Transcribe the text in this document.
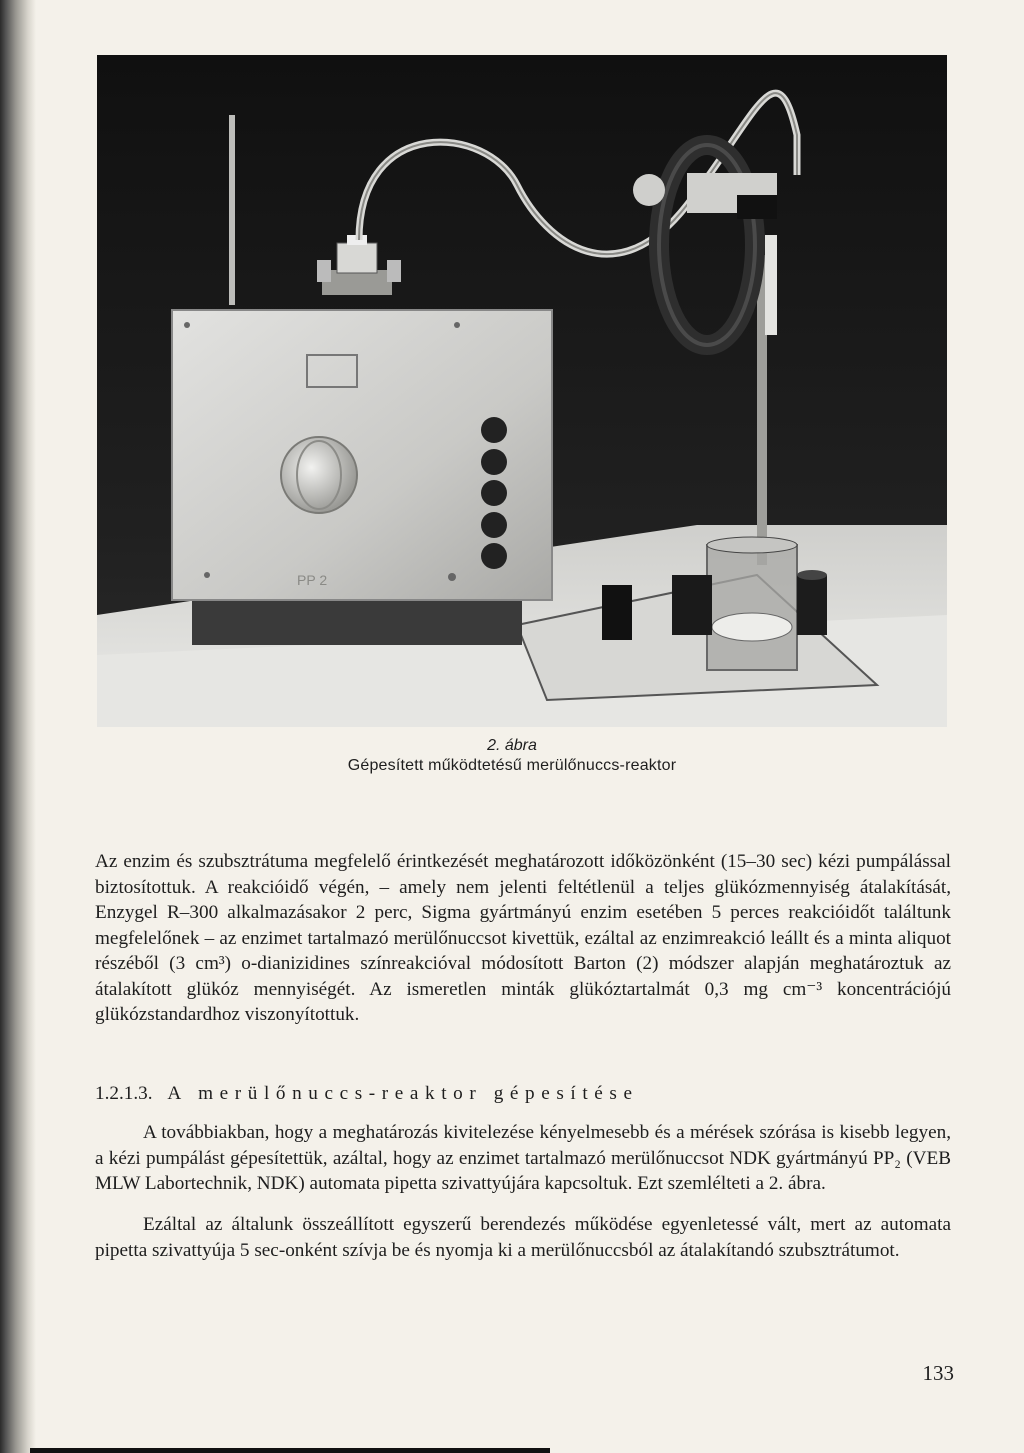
PP 2
2. ábra
Gépesített működtetésű merülőnuccs-reaktor

Az enzim és szubsztrátuma megfelelő érintkezését meghatározott időközönként (15–30 sec) kézi pumpálással biztosítottuk. A reakcióidő végén, – amely nem jelenti feltétlenül a teljes glükózmennyiség átalakítását, Enzygel R–300 alkalmazásakor 2 perc, Sigma gyártmányú enzim esetében 5 perces reakcióidőt találtunk megfelelőnek – az enzimet tartalmazó merülőnuccsot kivettük, ezáltal az enzimreakció leállt és a minta aliquot részéből (3 cm³) o-dianizidines színreakcióval módosított Barton (2) módszer alapján meghatároztuk az átalakított glükóz mennyiségét. Az ismeretlen minták glükóztartalmát 0,3 mg cm⁻³ koncentrációjú glükózstandardhoz viszonyítottuk.

1.2.1.3. A merülőnuccs-reaktor gépesítése

A továbbiakban, hogy a meghatározás kivitelezése kényelmesebb és a mérések szórása is kisebb legyen, a kézi pumpálást gépesítettük, azáltal, hogy az enzimet tartalmazó merülőnuccsot NDK gyártmányú PP₂ (VEB MLW Labortechnik, NDK) automata pipetta szivattyújára kapcsoltuk. Ezt szemlélteti a 2. ábra.

Ezáltal az általunk összeállított egyszerű berendezés működése egyenletessé vált, mert az automata pipetta szivattyúja 5 sec-onként szívja be és nyomja ki a merülőnuccsból az átalakítandó szubsztrátumot.

133
